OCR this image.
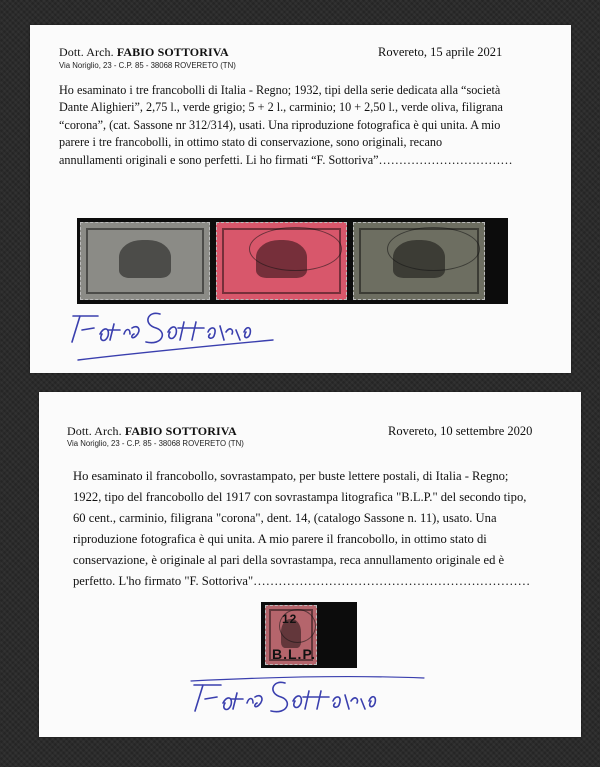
Dott. Arch. FABIO SOTTORIVA
Via Noriglio, 23 - C.P. 85 - 38068 ROVERETO (TN)
Rovereto, 15 aprile 2021
Ho esaminato i tre francobolli di Italia - Regno; 1932, tipi della serie dedicata alla “società
Dante Alighieri”, 2,75 l., verde grigio; 5 + 2 l., carminio; 10 + 2,50 l., verde oliva, filigrana
“corona”, (cat. Sassone nr 312/314), usati. Una riproduzione fotografica è qui unita. A mio
parere i tre francobolli, in ottimo stato di conservazione, sono originali, recano
annullamenti originali e sono perfetti. Li ho firmati “F. Sottoriva”……………………………
Dott. Arch. FABIO SOTTORIVA
Via Noriglio, 23 - C.P. 85 - 38068 ROVERETO (TN)
Rovereto, 10 settembre 2020
Ho esaminato il francobollo, sovrastampato, per buste lettere postali, di Italia - Regno;
1922, tipo del francobollo del 1917 con sovrastampa litografica "B.L.P." del secondo tipo,
60 cent., carminio, filigrana "corona", dent. 14, (catalogo Sassone n. 11), usato. Una
riproduzione fotografica è qui unita. A mio parere il francobollo, in ottimo stato di
conservazione, è originale al pari della sovrastampa, reca annullamento originale ed è
perfetto. L'ho firmato "F. Sottoriva"…………………………………………………………
12
B.L.P.
